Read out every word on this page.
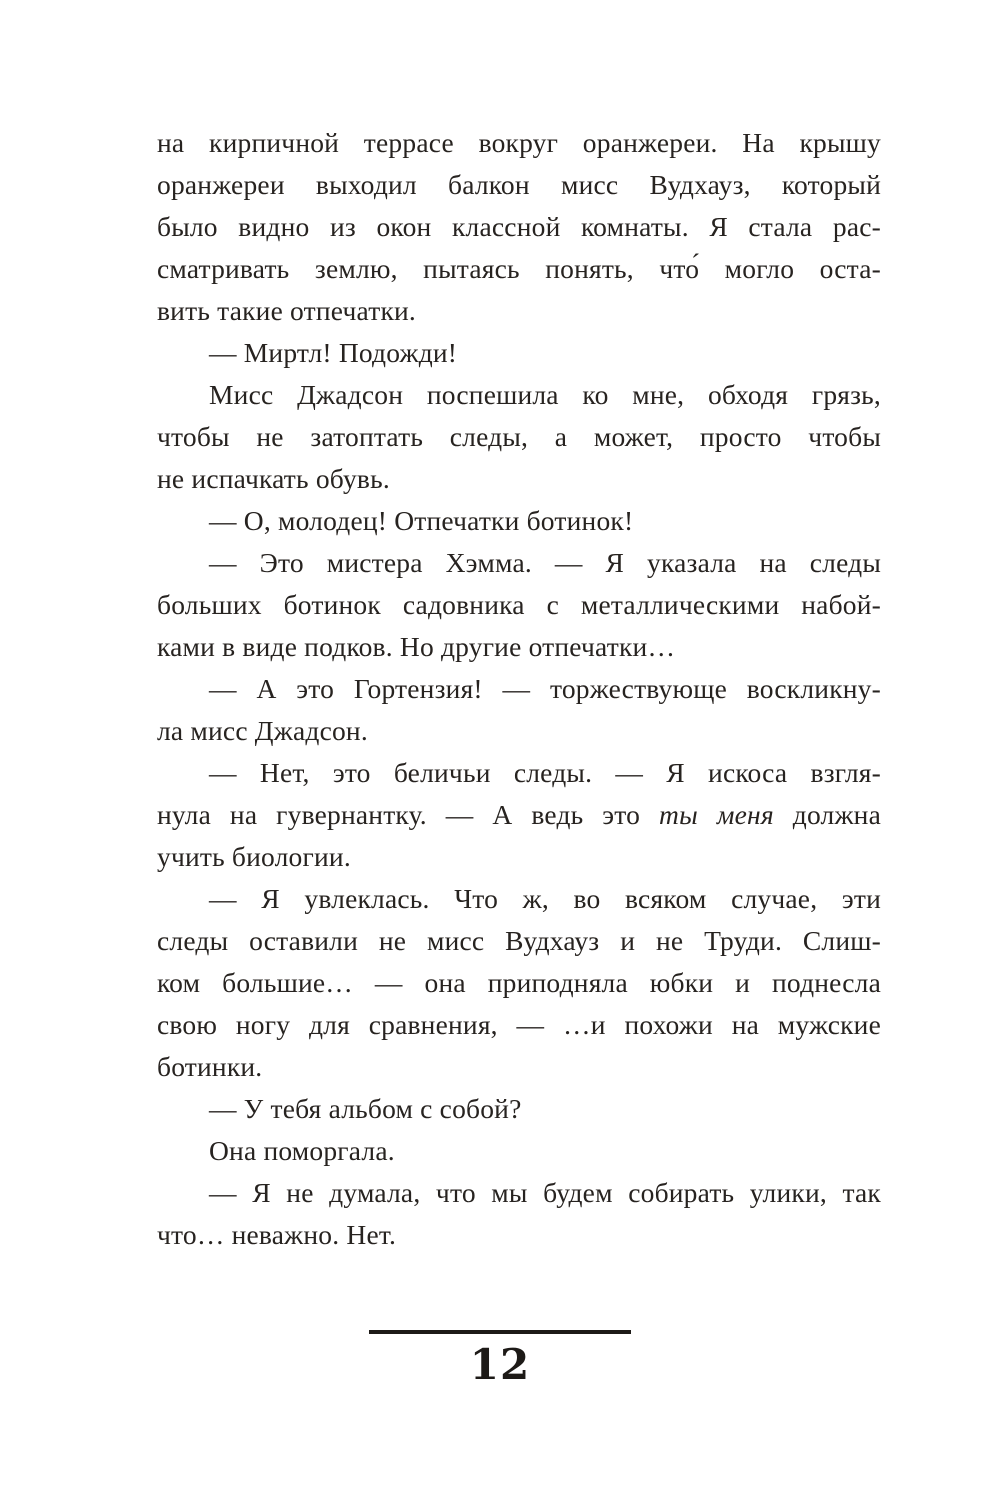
на кирпичной террасе вокруг оранжереи. На крышу
оранжереи выходил балкон мисс Вудхауз, который
было видно из окон классной комнаты. Я стала рас-
сматривать землю, пытаясь понять, что́ могло оста-
вить такие отпечатки.

— Миртл! Подожди!

Мисс Джадсон поспешила ко мне, обходя грязь,
чтобы не затоптать следы, а может, просто чтобы
не испачкать обувь.

— О, молодец! Отпечатки ботинок!

— Это мистера Хэмма. — Я указала на следы
больших ботинок садовника с металлическими набой-
ками в виде подков. Но другие отпечатки…

— А это Гортензия! — торжествующе воскликну-
ла мисс Джадсон.

— Нет, это беличьи следы. — Я искоса взгля-
нула на гувернантку. — А ведь это ты меня должна
учить биологии.

— Я увлеклась. Что ж, во всяком случае, эти
следы оставили не мисс Вудхауз и не Труди. Слиш-
ком большие… — она приподняла юбки и поднесла
свою ногу для сравнения, — …и похожи на мужские
ботинки.

— У тебя альбом с собой?

Она поморгала.

— Я не думала, что мы будем собирать улики, так
что… неважно. Нет.

12
